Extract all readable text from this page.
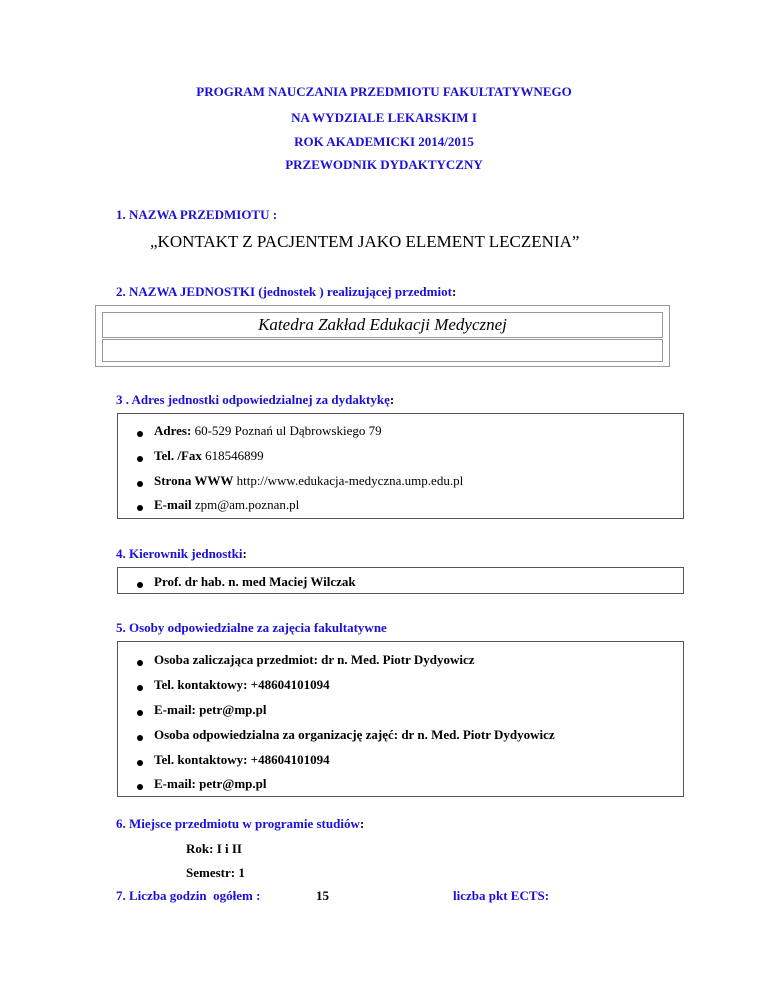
PROGRAM NAUCZANIA PRZEDMIOTU FAKULTATYWNEGO
NA WYDZIALE LEKARSKIM I
ROK AKADEMICKI 2014/2015
PRZEWODNIK DYDAKTYCZNY
1. NAZWA PRZEDMIOTU :
„KONTAKT Z PACJENTEM JAKO ELEMENT LECZENIA”
2. NAZWA JEDNOSTKI (jednostek ) realizującej przedmiot:
Katedra Zakład Edukacji Medycznej
3 . Adres jednostki odpowiedzialnej za dydaktykę:
Adres: 60-529 Poznań ul Dąbrowskiego 79
Tel. /Fax 618546899
Strona WWW http://www.edukacja-medyczna.ump.edu.pl
E-mail zpm@am.poznan.pl
4. Kierownik jednostki:
Prof. dr hab. n. med Maciej Wilczak
5. Osoby odpowiedzialne za zajęcia fakultatywne
Osoba zaliczająca przedmiot: dr n. Med. Piotr Dydyowicz
Tel. kontaktowy: +48604101094
E-mail: petr@mp.pl
Osoba odpowiedzialna za organizację zajęć: dr n. Med. Piotr Dydyowicz
Tel. kontaktowy: +48604101094
E-mail: petr@mp.pl
6. Miejsce przedmiotu w programie studiów:
Rok: I i II
Semestr: 1
7. Liczba godzin  ogółem :	15	liczba pkt ECTS:
